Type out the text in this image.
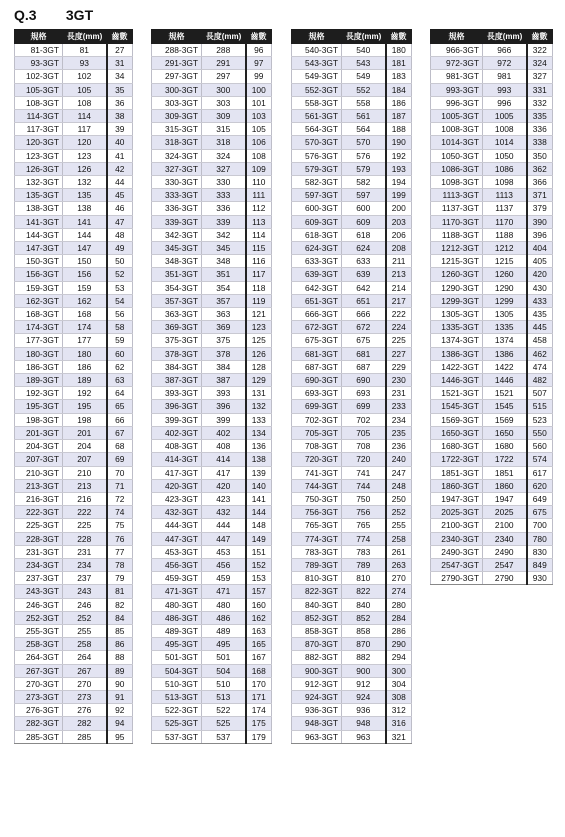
Q.3 3GT
規格	長度(mm)	齒數
81-3GT	81	27
93-3GT	93	31
102-3GT	102	34
105-3GT	105	35
108-3GT	108	36
114-3GT	114	38
117-3GT	117	39
120-3GT	120	40
123-3GT	123	41
126-3GT	126	42
132-3GT	132	44
135-3GT	135	45
138-3GT	138	46
141-3GT	141	47
144-3GT	144	48
147-3GT	147	49
150-3GT	150	50
156-3GT	156	52
159-3GT	159	53
162-3GT	162	54
168-3GT	168	56
174-3GT	174	58
177-3GT	177	59
180-3GT	180	60
186-3GT	186	62
189-3GT	189	63
192-3GT	192	64
195-3GT	195	65
198-3GT	198	66
201-3GT	201	67
204-3GT	204	68
207-3GT	207	69
210-3GT	210	70
213-3GT	213	71
216-3GT	216	72
222-3GT	222	74
225-3GT	225	75
228-3GT	228	76
231-3GT	231	77
234-3GT	234	78
237-3GT	237	79
243-3GT	243	81
246-3GT	246	82
252-3GT	252	84
255-3GT	255	85
258-3GT	258	86
264-3GT	264	88
267-3GT	267	89
270-3GT	270	90
273-3GT	273	91
276-3GT	276	92
282-3GT	282	94
285-3GT	285	95
規格	長度(mm)	齒數
288-3GT	288	96
291-3GT	291	97
297-3GT	297	99
300-3GT	300	100
303-3GT	303	101
309-3GT	309	103
315-3GT	315	105
318-3GT	318	106
324-3GT	324	108
327-3GT	327	109
330-3GT	330	110
333-3GT	333	111
336-3GT	336	112
339-3GT	339	113
342-3GT	342	114
345-3GT	345	115
348-3GT	348	116
351-3GT	351	117
354-3GT	354	118
357-3GT	357	119
363-3GT	363	121
369-3GT	369	123
375-3GT	375	125
378-3GT	378	126
384-3GT	384	128
387-3GT	387	129
393-3GT	393	131
396-3GT	396	132
399-3GT	399	133
402-3GT	402	134
408-3GT	408	136
414-3GT	414	138
417-3GT	417	139
420-3GT	420	140
423-3GT	423	141
432-3GT	432	144
444-3GT	444	148
447-3GT	447	149
453-3GT	453	151
456-3GT	456	152
459-3GT	459	153
471-3GT	471	157
480-3GT	480	160
486-3GT	486	162
489-3GT	489	163
495-3GT	495	165
501-3GT	501	167
504-3GT	504	168
510-3GT	510	170
513-3GT	513	171
522-3GT	522	174
525-3GT	525	175
537-3GT	537	179
規格	長度(mm)	齒數
540-3GT	540	180
543-3GT	543	181
549-3GT	549	183
552-3GT	552	184
558-3GT	558	186
561-3GT	561	187
564-3GT	564	188
570-3GT	570	190
576-3GT	576	192
579-3GT	579	193
582-3GT	582	194
597-3GT	597	199
600-3GT	600	200
609-3GT	609	203
618-3GT	618	206
624-3GT	624	208
633-3GT	633	211
639-3GT	639	213
642-3GT	642	214
651-3GT	651	217
666-3GT	666	222
672-3GT	672	224
675-3GT	675	225
681-3GT	681	227
687-3GT	687	229
690-3GT	690	230
693-3GT	693	231
699-3GT	699	233
702-3GT	702	234
705-3GT	705	235
708-3GT	708	236
720-3GT	720	240
741-3GT	741	247
744-3GT	744	248
750-3GT	750	250
756-3GT	756	252
765-3GT	765	255
774-3GT	774	258
783-3GT	783	261
789-3GT	789	263
810-3GT	810	270
822-3GT	822	274
840-3GT	840	280
852-3GT	852	284
858-3GT	858	286
870-3GT	870	290
882-3GT	882	294
900-3GT	900	300
912-3GT	912	304
924-3GT	924	308
936-3GT	936	312
948-3GT	948	316
963-3GT	963	321
規格	長度(mm)	齒數
966-3GT	966	322
972-3GT	972	324
981-3GT	981	327
993-3GT	993	331
996-3GT	996	332
1005-3GT	1005	335
1008-3GT	1008	336
1014-3GT	1014	338
1050-3GT	1050	350
1086-3GT	1086	362
1098-3GT	1098	366
1113-3GT	1113	371
1137-3GT	1137	379
1170-3GT	1170	390
1188-3GT	1188	396
1212-3GT	1212	404
1215-3GT	1215	405
1260-3GT	1260	420
1290-3GT	1290	430
1299-3GT	1299	433
1305-3GT	1305	435
1335-3GT	1335	445
1374-3GT	1374	458
1386-3GT	1386	462
1422-3GT	1422	474
1446-3GT	1446	482
1521-3GT	1521	507
1545-3GT	1545	515
1569-3GT	1569	523
1650-3GT	1650	550
1680-3GT	1680	560
1722-3GT	1722	574
1851-3GT	1851	617
1860-3GT	1860	620
1947-3GT	1947	649
2025-3GT	2025	675
2100-3GT	2100	700
2340-3GT	2340	780
2490-3GT	2490	830
2547-3GT	2547	849
2790-3GT	2790	930
